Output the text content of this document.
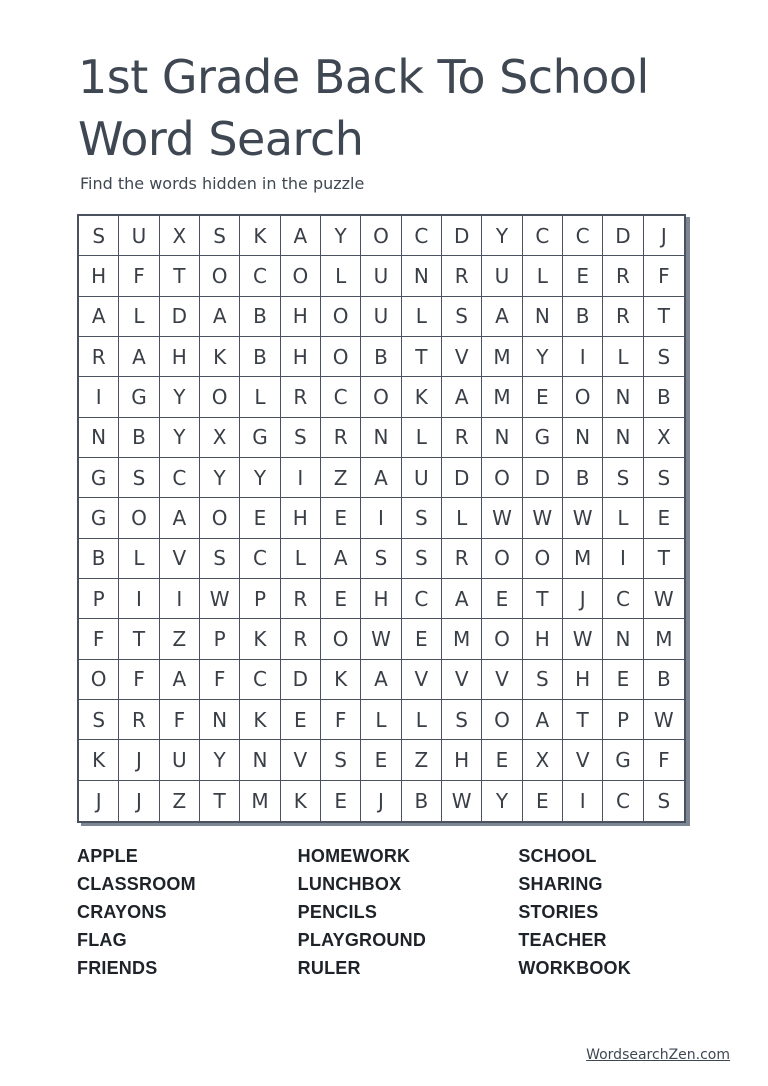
1st Grade Back To School
Word Search
Find the words hidden in the puzzle
S	U	X	S	K	A	Y	O	C	D	Y	C	C	D	J
H	F	T	O	C	O	L	U	N	R	U	L	E	R	F
A	L	D	A	B	H	O	U	L	S	A	N	B	R	T
R	A	H	K	B	H	O	B	T	V	M	Y	I	L	S
I	G	Y	O	L	R	C	O	K	A	M	E	O	N	B
N	B	Y	X	G	S	R	N	L	R	N	G	N	N	X
G	S	C	Y	Y	I	Z	A	U	D	O	D	B	S	S
G	O	A	O	E	H	E	I	S	L	W	W	W	L	E
B	L	V	S	C	L	A	S	S	R	O	O	M	I	T
P	I	I	W	P	R	E	H	C	A	E	T	J	C	W
F	T	Z	P	K	R	O	W	E	M	O	H	W	N	M
O	F	A	F	C	D	K	A	V	V	V	S	H	E	B
S	R	F	N	K	E	F	L	L	S	O	A	T	P	W
K	J	U	Y	N	V	S	E	Z	H	E	X	V	G	F
J	J	Z	T	M	K	E	J	B	W	Y	E	I	C	S
APPLE
CLASSROOM
CRAYONS
FLAG
FRIENDS
HOMEWORK
LUNCHBOX
PENCILS
PLAYGROUND
RULER
SCHOOL
SHARING
STORIES
TEACHER
WORKBOOK
WordsearchZen.com
